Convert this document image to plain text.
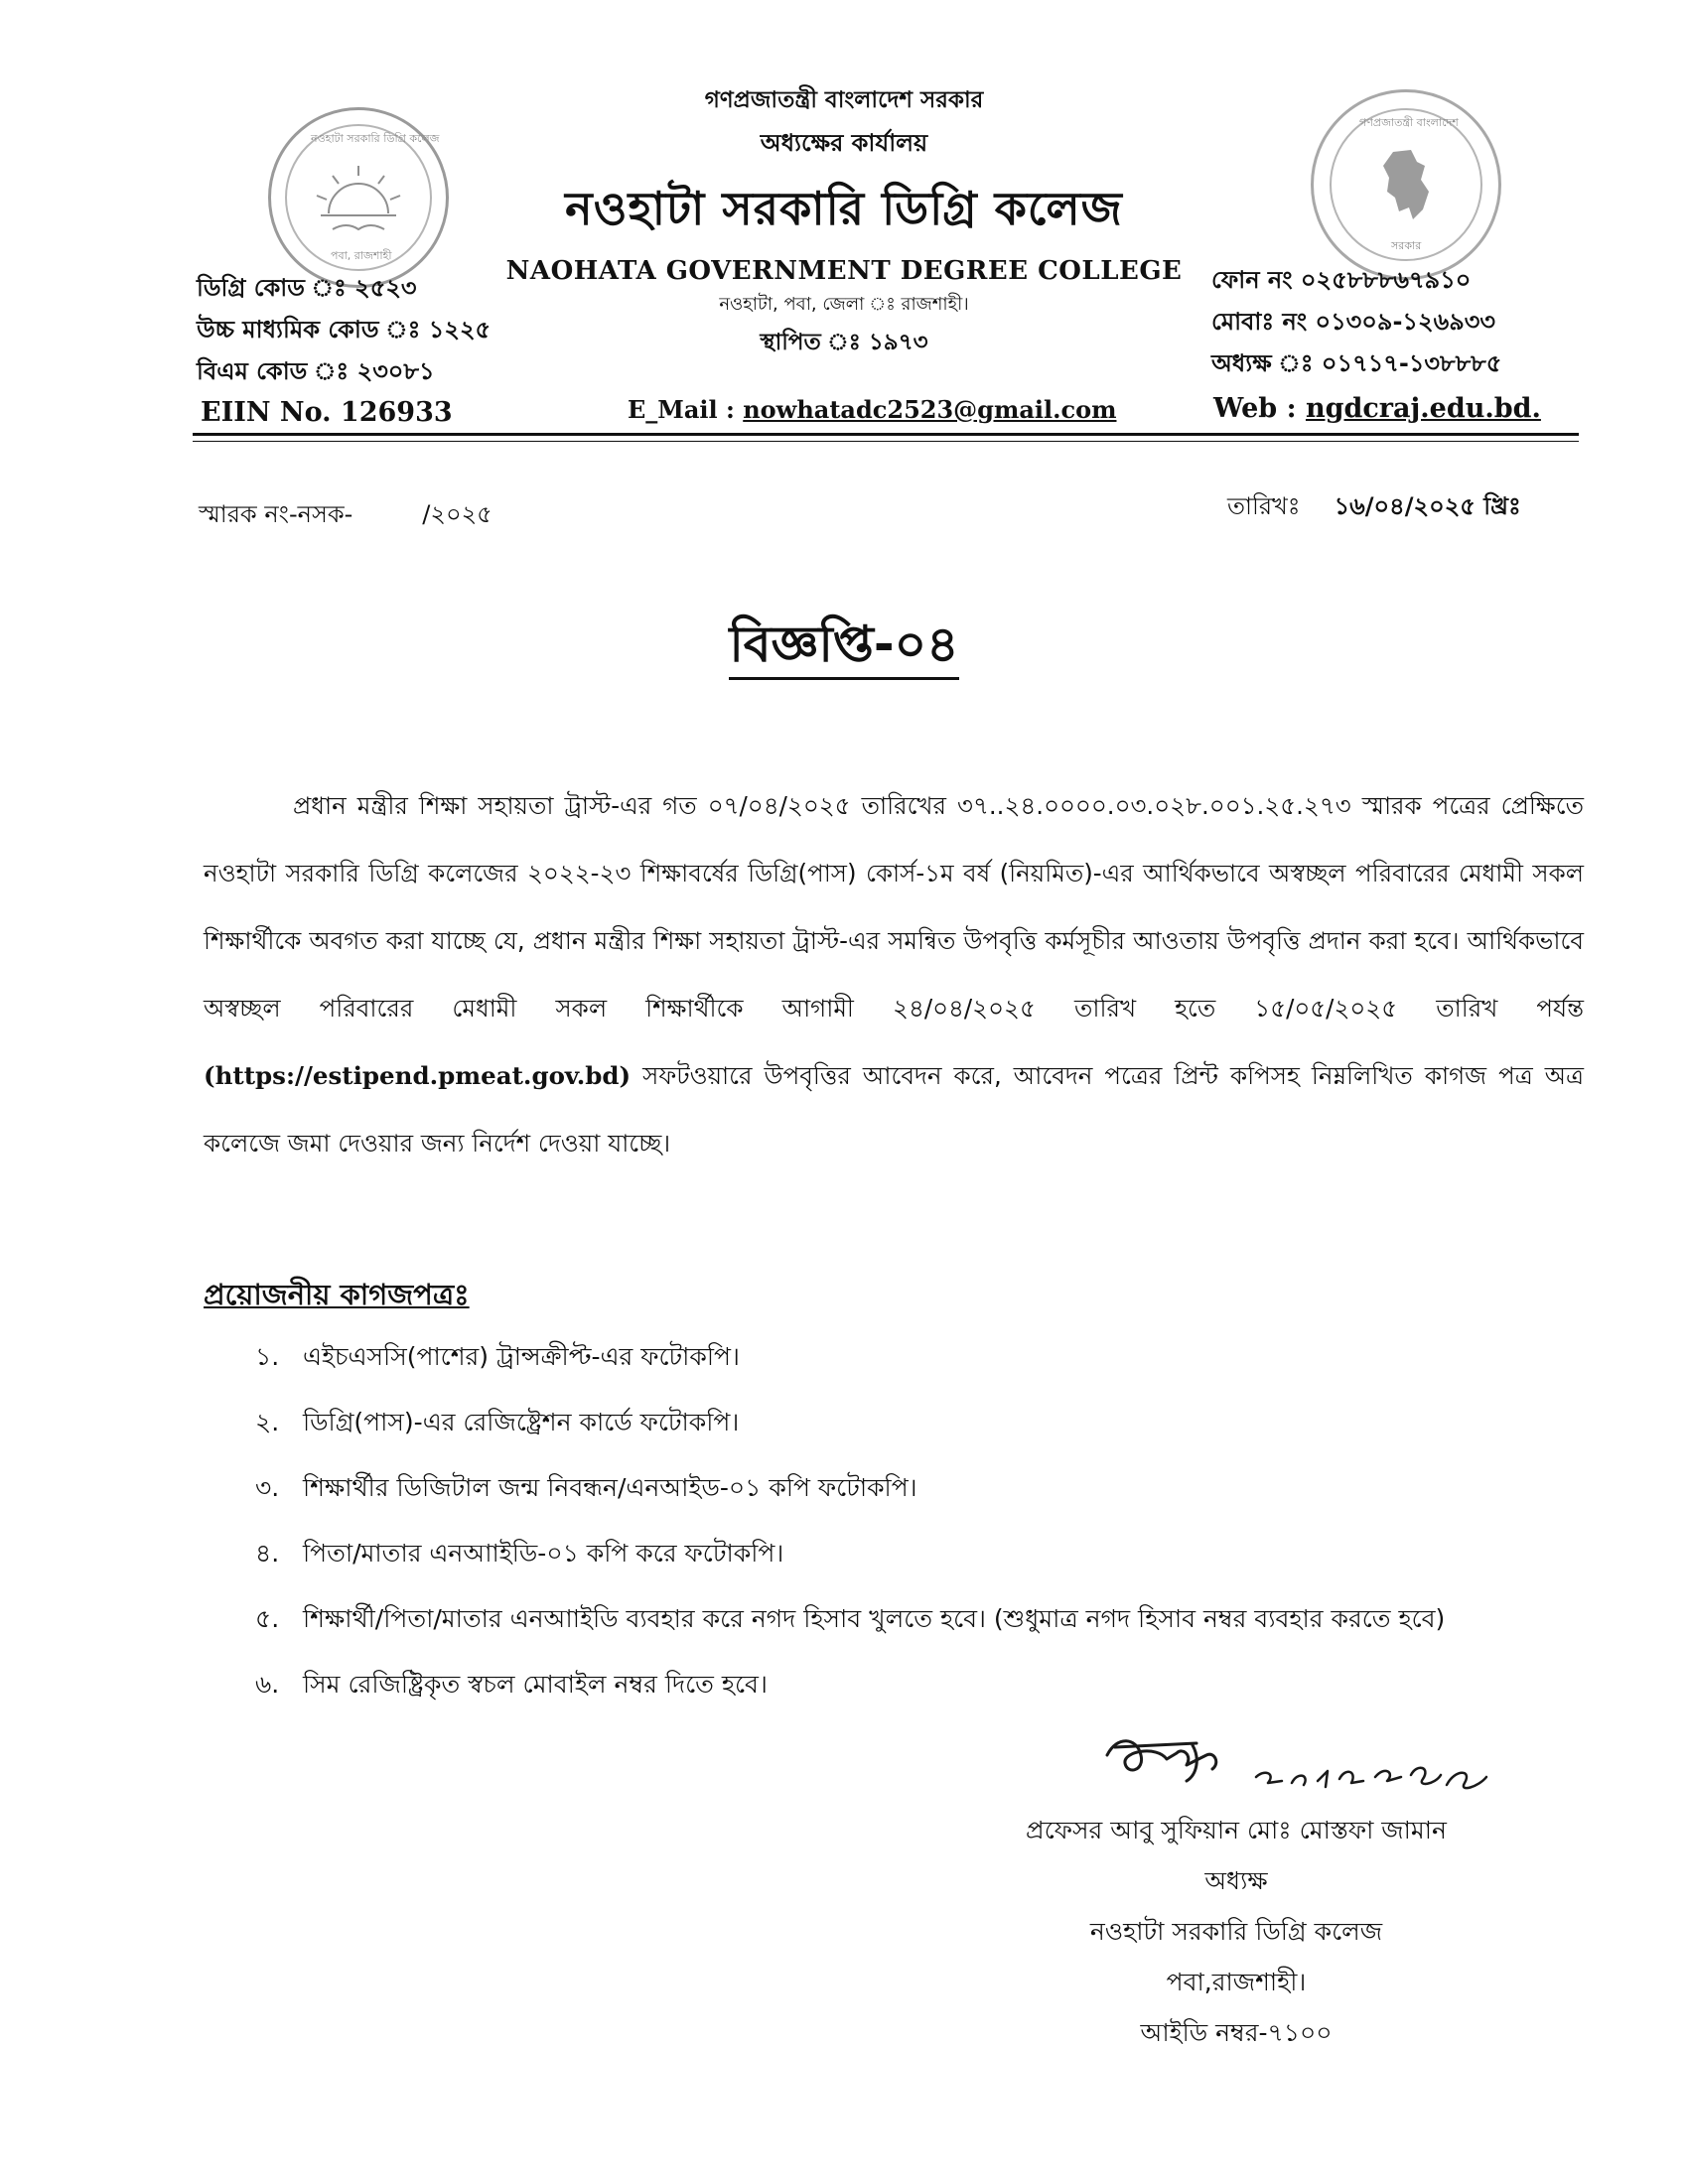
নওহাটা সরকারি ডিগ্রি কলেজ
পবা, রাজশাহী
গণপ্রজাতন্ত্রী বাংলাদেশ
সরকার
গণপ্রজাতন্ত্রী বাংলাদেশ সরকার
অধ্যক্ষের কার্যালয়
নওহাটা সরকারি ডিগ্রি কলেজ
NAOHATA GOVERNMENT DEGREE COLLEGE
নওহাটা, পবা, জেলা ঃ রাজশাহী।
স্থাপিত ঃ ১৯৭৩
ডিগ্রি কোড ঃ ২৫২৩
উচ্চ মাধ্যমিক কোড ঃ ১২২৫
বিএম কোড ঃ ২৩০৮১
EIIN No. 126933	E_Mail : nowhatadc2523@gmail.com
ফোন নং ০২৫৮৮৮৬৭৯১০
মোবাঃ নং ০১৩০৯-১২৬৯৩৩
অধ্যক্ষ ঃ ০১৭১৭-১৩৮৮৮৫
Web : ngdcraj.edu.bd.
স্মারক নং-নসক-	/২০২৫	তারিখঃ ১৬/০৪/২০২৫ খ্রিঃ
বিজ্ঞপ্তি-০৪
প্রধান মন্ত্রীর শিক্ষা সহায়তা ট্রাস্ট-এর গত ০৭/০৪/২০২৫ তারিখের ৩৭..২৪.০০০০.০৩.০২৮.০০১.২৫.২৭৩ স্মারক পত্রের প্রেক্ষিতে নওহাটা সরকারি ডিগ্রি কলেজের ২০২২-২৩ শিক্ষাবর্ষের ডিগ্রি(পাস) কোর্স-১ম বর্ষ (নিয়মিত)-এর আর্থিকভাবে অস্বচ্ছল পরিবারের মেধামী সকল শিক্ষার্থীকে অবগত করা যাচ্ছে যে, প্রধান মন্ত্রীর শিক্ষা সহায়তা ট্রাস্ট-এর সমন্বিত উপবৃত্তি কর্মসূচীর আওতায় উপবৃত্তি প্রদান করা হবে। আর্থিকভাবে অস্বচ্ছল পরিবারের মেধামী সকল শিক্ষার্থীকে আগামী ২৪/০৪/২০২৫ তারিখ হতে ১৫/০৫/২০২৫ তারিখ পর্যন্ত (https://estipend.pmeat.gov.bd) সফটওয়ারে উপবৃত্তির আবেদন করে, আবেদন পত্রের প্রিন্ট কপিসহ নিম্নলিখিত কাগজ পত্র অত্র কলেজে জমা দেওয়ার জন্য নির্দেশ দেওয়া যাচ্ছে।
প্রয়োজনীয় কাগজপত্রঃ
১. এইচএসসি(পাশের) ট্রান্সক্রীপ্ট-এর ফটোকপি।
২. ডিগ্রি(পাস)-এর রেজিষ্ট্রেশন কার্ডে ফটোকপি।
৩. শিক্ষার্থীর ডিজিটাল জন্ম নিবন্ধন/এনআইড-০১ কপি ফটোকপি।
৪. পিতা/মাতার এনআাইডি-০১ কপি করে ফটোকপি।
৫. শিক্ষার্থী/পিতা/মাতার এনআাইডি ব্যবহার করে নগদ হিসাব খুলতে হবে। (শুধুমাত্র নগদ হিসাব নম্বর ব্যবহার করতে হবে)
৬. সিম রেজিষ্ট্রিকৃত স্বচল মোবাইল নম্বর দিতে হবে।
প্রফেসর আবু সুফিয়ান মোঃ মোস্তফা জামান
অধ্যক্ষ
নওহাটা সরকারি ডিগ্রি কলেজ
পবা,রাজশাহী।
আইডি নম্বর-৭১০০
